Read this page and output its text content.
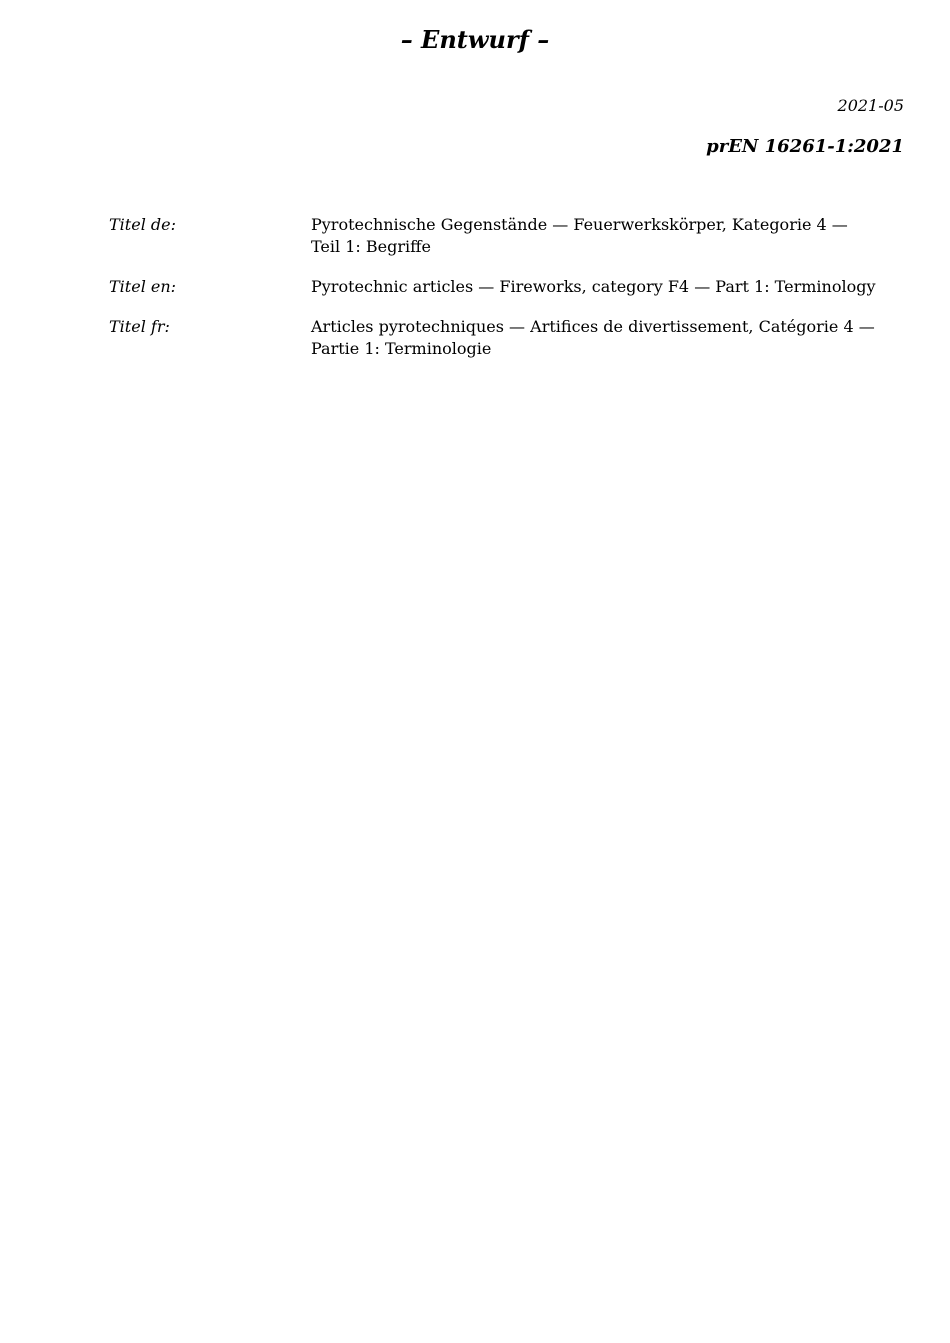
– Entwurf –
2021-05
prEN 16261-1:2021
Titel de:	Pyrotechnische Gegenstände — Feuerwerkskörper, Kategorie 4 —
Teil 1: Begriffe
Titel en:	Pyrotechnic articles — Fireworks, category F4 — Part 1: Terminology
Titel fr:	Articles pyrotechniques — Artifices de divertissement, Catégorie 4 —
Partie 1: Terminologie
